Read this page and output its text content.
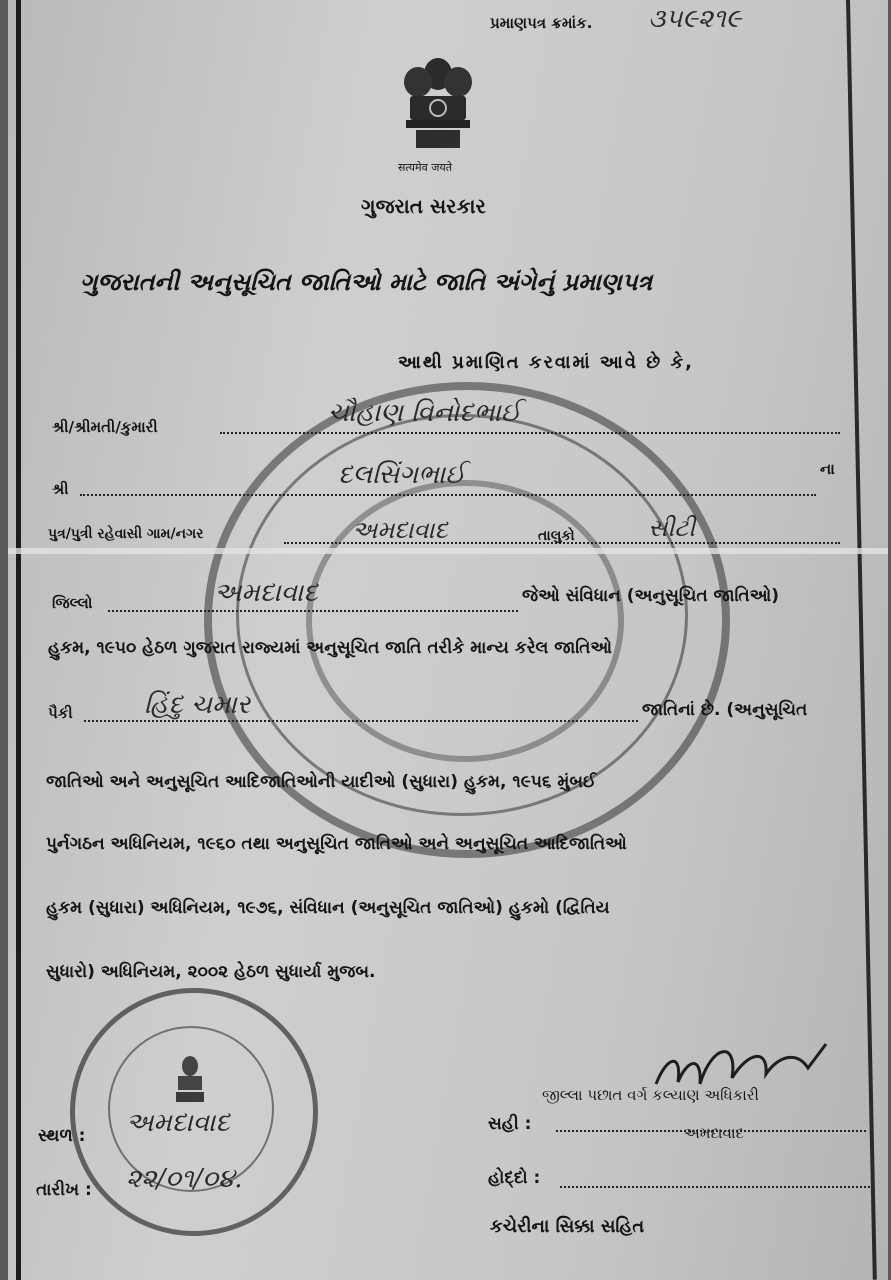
પ્રમાણપત્ર ક્રમાંક. ૩૫૯૨૧૯
सत्यमेव जयते
ગુજરાત સરકાર
ગુજરાતની અનુસૂચિત જાતિઓ માટે જાતિ અંગેનું પ્રમાણપત્ર
આથી પ્રમાણિત કરવામાં આવે છે કે,
શ્રી/શ્રીમતી/કુમારી	ચૌહાણ વિનોદભાઈ
શ્રી	દલસિંગભાઈ	ના
પુત્ર/પુત્રી રહેવાસી ગામ/નગર	અમદાવાદ	તાલુકો	સીટી
જિલ્લો	અમદાવાદ	જેઓ સંવિધાન (અનુસૂચિત જાતિઓ)
હુકમ, ૧૯૫૦ હેઠળ ગુજરાત રાજ્યમાં અનુસૂચિત જાતિ તરીકે માન્ય કરેલ જાતિઓ
પૈકી	હિંદુ ચમાર	જાતિનાં છે. (અનુસૂચિત
જાતિઓ અને અનુસૂચિત આદિજાતિઓની યાદીઓ (સુધારા) હુકમ, ૧૯૫૬ મુંબઈ
પુર્નગઠન અધિનિયમ, ૧૯૬૦ તથા અનુસૂચિત જાતિઓ અને અનુસૂચિત આદિજાતિઓ
હુકમ (સુધારા) અધિનિયમ, ૧૯૭૬, સંવિધાન (અનુસૂચિત જાતિઓ) હુકમો (દ્વિતિય
સુધારો) અધિનિયમ, ૨૦૦૨ હેઠળ સુધાર્યા મુજબ.
સ્થળ : અમદાવાદ
તારીખ : ૨૨/૦૧/૦૪.
જીલ્લા પછાત વર્ગ કલ્યાણ અધિકારી
અમદાવાદ
સહી :
હોદ્દો :
કચેરીના સિક્કા સહિત
